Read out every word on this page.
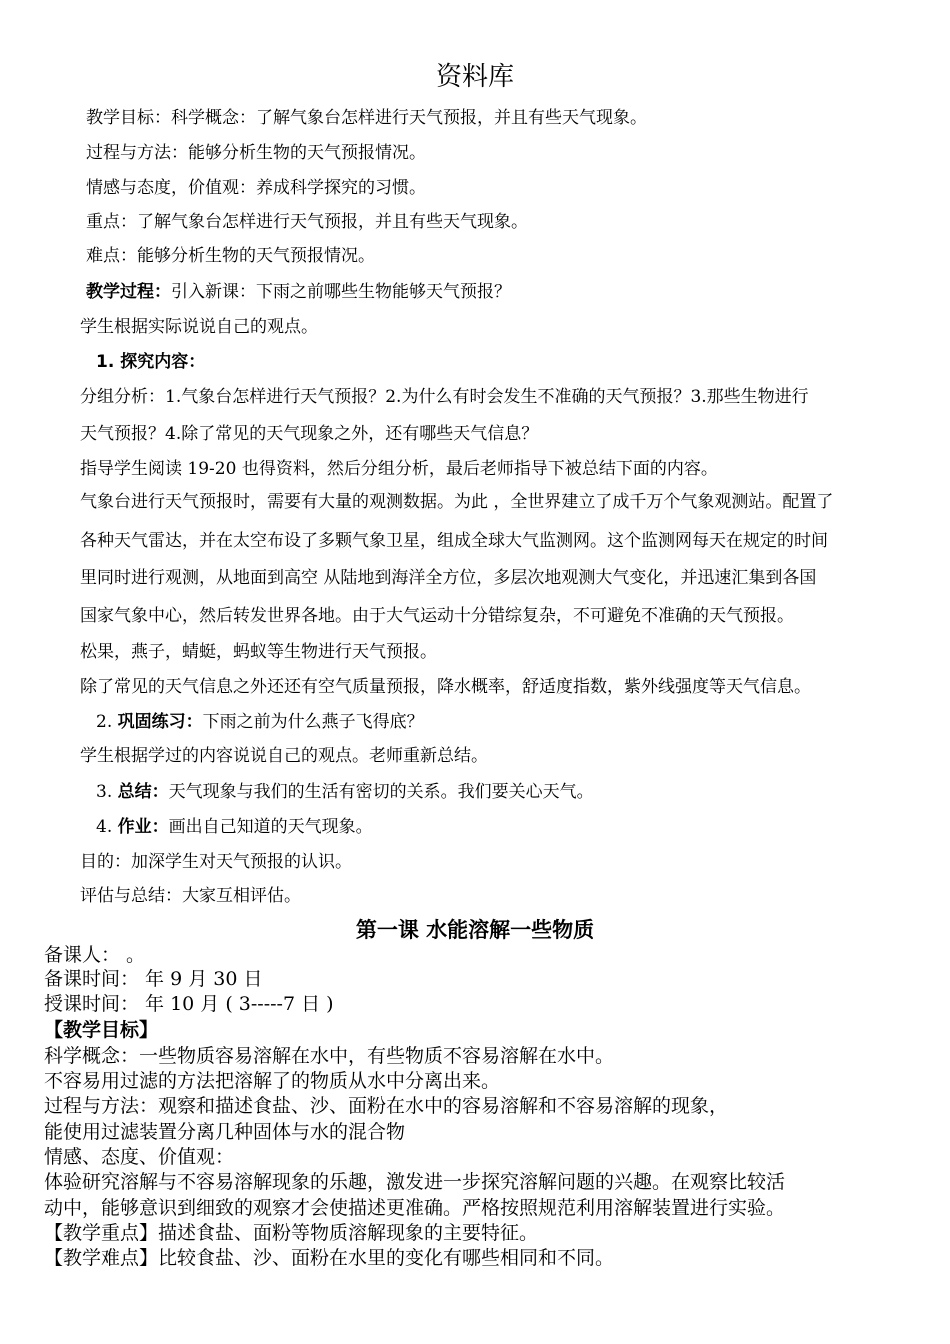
资料库
教学目标：科学概念：了解气象台怎样进行天气预报，并且有些天气现象。
过程与方法：能够分析生物的天气预报情况。
情感与态度，价值观：养成科学探究的习惯。
重点：了解气象台怎样进行天气预报，并且有些天气现象。
难点：能够分析生物的天气预报情况。
教学过程：引入新课：下雨之前哪些生物能够天气预报？
学生根据实际说说自己的观点。
1. 探究内容：
分组分析：1.气象台怎样进行天气预报？2.为什么有时会发生不准确的天气预报？3.那些生物进行
天气预报？4.除了常见的天气现象之外，还有哪些天气信息？
指导学生阅读 19-20 也得资料，然后分组分析，最后老师指导下被总结下面的内容。
气象台进行天气预报时，需要有大量的观测数据。为此 ，全世界建立了成千万个气象观测站。配置了
各种天气雷达，并在太空布设了多颗气象卫星，组成全球大气监测网。这个监测网每天在规定的时间
里同时进行观测，从地面到高空 从陆地到海洋全方位，多层次地观测大气变化，并迅速汇集到各国
国家气象中心，然后转发世界各地。由于大气运动十分错综复杂，不可避免不准确的天气预报。
松果，燕子，蜻蜓，蚂蚁等生物进行天气预报。
除了常见的天气信息之外还还有空气质量预报，降水概率，舒适度指数，紫外线强度等天气信息。
2. 巩固练习：下雨之前为什么燕子飞得底？
学生根据学过的内容说说自己的观点。老师重新总结。
3. 总结：天气现象与我们的生活有密切的关系。我们要关心天气。
4. 作业：画出自己知道的天气现象。
目的：加深学生对天气预报的认识。
评估与总结：大家互相评估。
第一课 水能溶解一些物质
备课人： 。
备课时间： 年 9 月 30 日
授课时间： 年 10 月 ( 3-----7 日 )
【教学目标】
科学概念：一些物质容易溶解在水中，有些物质不容易溶解在水中。
不容易用过滤的方法把溶解了的物质从水中分离出来。
过程与方法：观察和描述食盐、沙、面粉在水中的容易溶解和不容易溶解的现象，
能使用过滤装置分离几种固体与水的混合物
情感、态度、价值观：
体验研究溶解与不容易溶解现象的乐趣，激发进一步探究溶解问题的兴趣。在观察比较活
动中，能够意识到细致的观察才会使描述更准确。严格按照规范利用溶解装置进行实验。
【教学重点】描述食盐、面粉等物质溶解现象的主要特征。
【教学难点】比较食盐、沙、面粉在水里的变化有哪些相同和不同。
